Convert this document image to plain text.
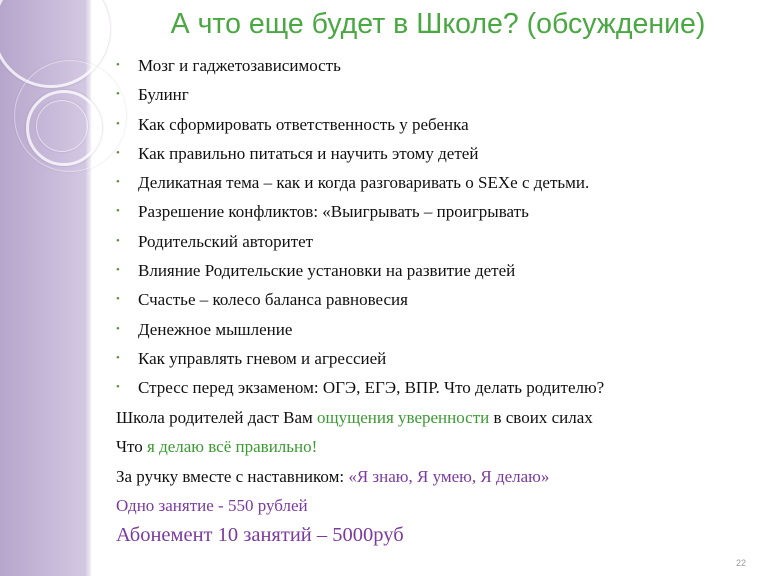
А что еще будет в Школе? (обсуждение)
• Мозг и гаджетозависимость
• Булинг
• Как сформировать ответственность у ребенка
• Как правильно питаться и научить этому детей
• Деликатная тема – как и когда разговаривать о SEXе с детьми.
• Разрешение конфликтов: «Выигрывать – проигрывать
• Родительский авторитет
• Влияние Родительские установки на развитие детей
• Счастье – колесо баланса равновесия
• Денежное мышление
• Как управлять гневом и агрессией
• Стресс перед экзаменом: ОГЭ, ЕГЭ, ВПР. Что делать родителю?
Школа родителей даст Вам ощущения уверенности в своих силах
Что я делаю всё правильно!
За ручку вместе с наставником: «Я знаю, Я умею, Я делаю»
Одно занятие - 550 рублей
Абонемент 10 занятий – 5000руб
22
